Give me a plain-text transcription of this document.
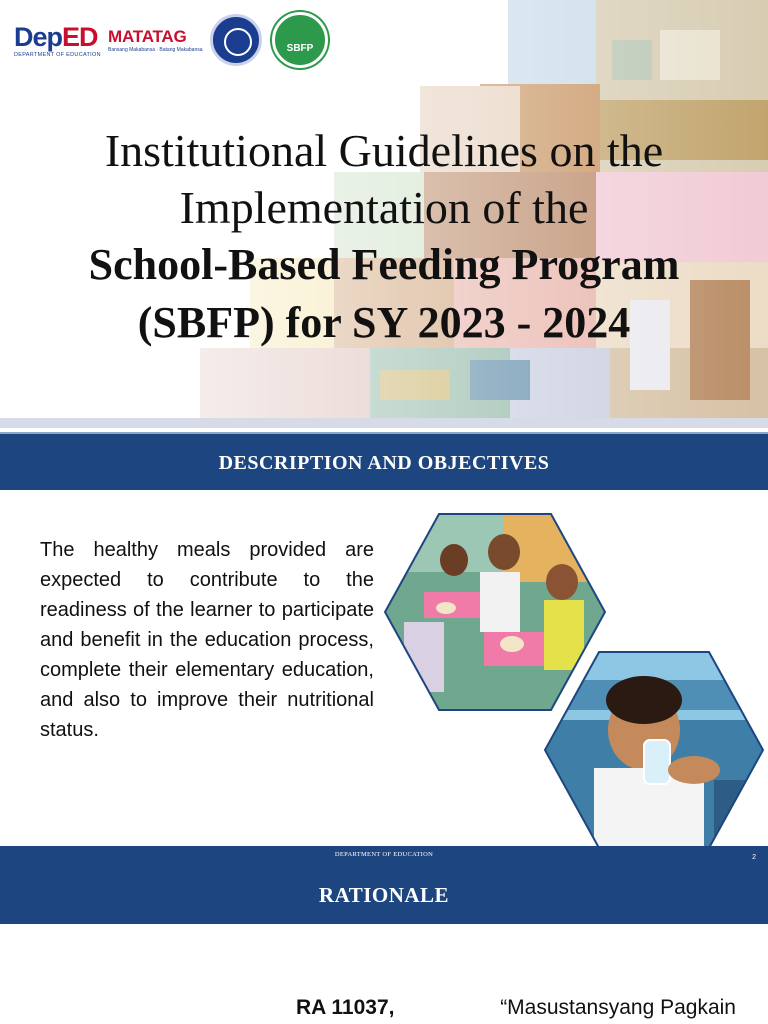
DepED
DEPARTMENT OF EDUCATION
MATATAG
Bansang Makabansa · Batang Makabansa	SBFP
Institutional Guidelines on the
Implementation of the
School-Based Feeding Program
(SBFP) for SY 2023 - 2024
DESCRIPTION AND OBJECTIVES

The healthy meals provided are expected to contribute to the readiness of the learner to participate and benefit in the education process, complete their elementary education, and also to improve their nutritional status.

DEPARTMENT OF EDUCATION	2
RATIONALE
RA 11037,	“Masustansyang Pagkain
